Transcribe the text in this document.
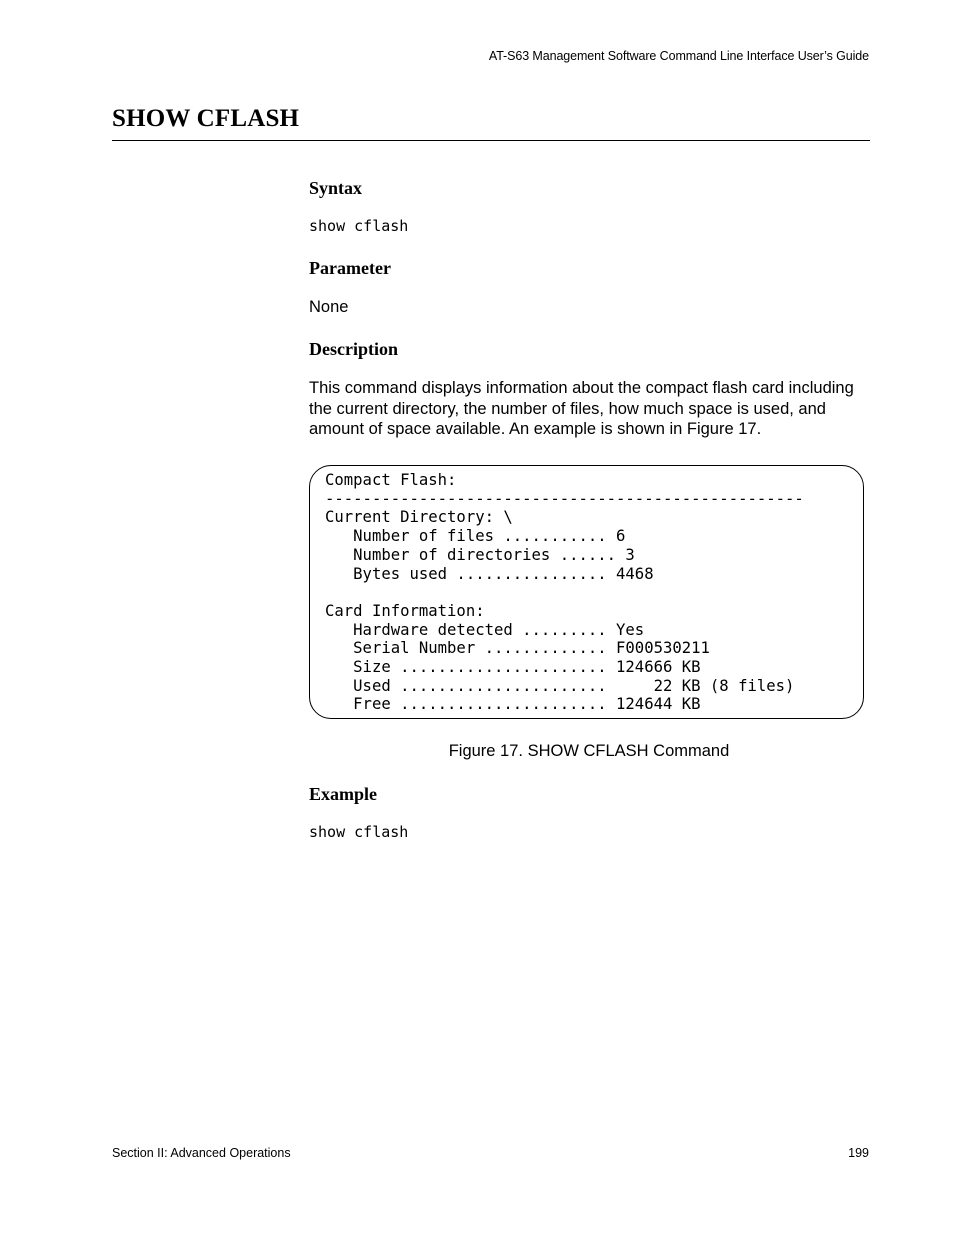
AT-S63 Management Software Command Line Interface User’s Guide
SHOW CFLASH
Syntax
show cflash
Parameter

None

Description

This command displays information about the compact flash card including the current directory, the number of files, how much space is used, and amount of space available. An example is shown in Figure 17.

Compact Flash:
---------------------------------------------------
Current Directory: \
Number of files ........... 6
Number of directories ...... 3
Bytes used ................ 4468

Card Information:
Hardware detected ......... Yes
Serial Number ............. F000530211
Size ...................... 124666 KB
Used ......................     22 KB (8 files)
Free ...................... 124644 KB

Figure 17. SHOW CFLASH Command

Example
show cflash
Section II: Advanced Operations	199
